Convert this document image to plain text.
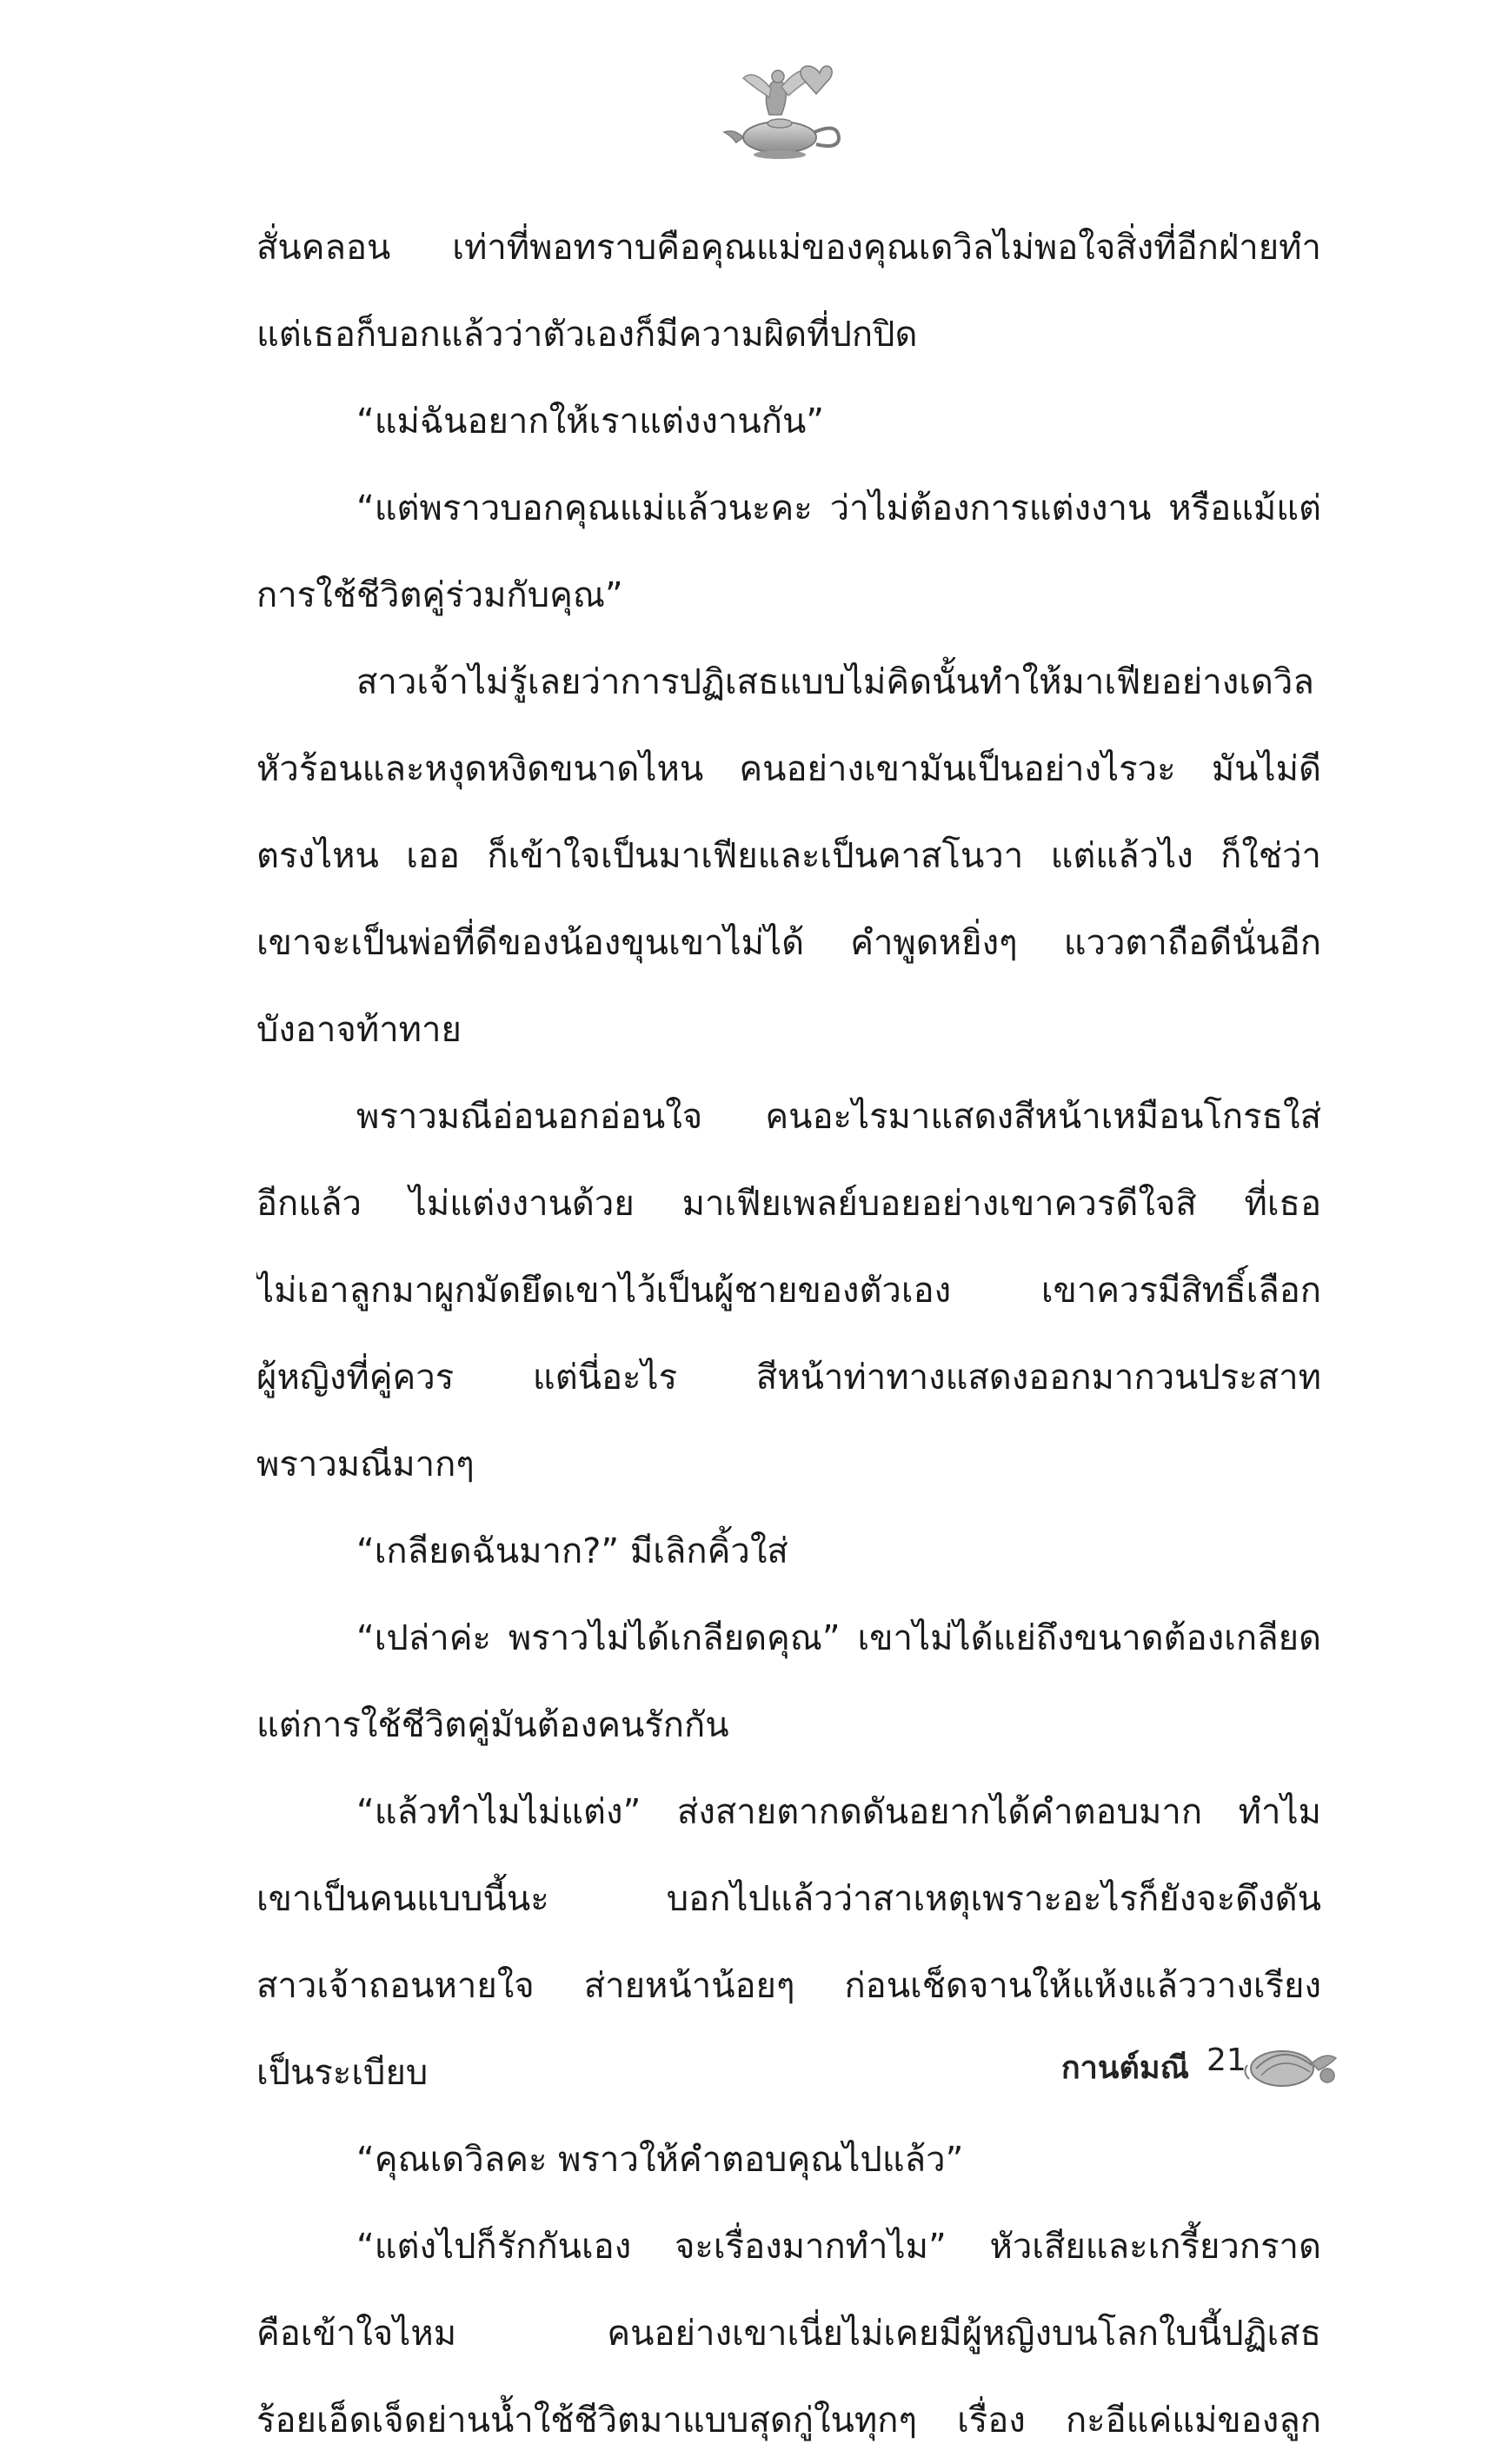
สั่นคลอน เท่าที่พอทราบคือคุณแม่ของคุณเดวิลไม่พอใจสิ่งที่อีกฝ่ายทำ
แต่เธอก็บอกแล้วว่าตัวเองก็มีความผิดที่ปกปิด
“แม่ฉันอยากให้เราแต่งงานกัน”
“แต่พราวบอกคุณแม่แล้วนะคะ ว่าไม่ต้องการแต่งงาน หรือแม้แต่
การใช้ชีวิตคู่ร่วมกับคุณ”
สาวเจ้าไม่รู้เลยว่าการปฏิเสธแบบไม่คิดนั้นทำให้มาเฟียอย่างเดวิล
หัวร้อนและหงุดหงิดขนาดไหน คนอย่างเขามันเป็นอย่างไรวะ มันไม่ดี
ตรงไหน เออ ก็เข้าใจเป็นมาเฟียและเป็นคาสโนวา แต่แล้วไง ก็ใช่ว่า
เขาจะเป็นพ่อที่ดีของน้องขุนเขาไม่ได้ คำพูดหยิ่งๆ แววตาถือดีนั่นอีก
บังอาจท้าทาย
พราวมณีอ่อนอกอ่อนใจ คนอะไรมาแสดงสีหน้าเหมือนโกรธใส่
อีกแล้ว ไม่แต่งงานด้วย มาเฟียเพลย์บอยอย่างเขาควรดีใจสิ ที่เธอ
ไม่เอาลูกมาผูกมัดยึดเขาไว้เป็นผู้ชายของตัวเอง เขาควรมีสิทธิ์เลือก
ผู้หญิงที่คู่ควร แต่นี่อะไร สีหน้าท่าทางแสดงออกมากวนประสาท
พราวมณีมากๆ
“เกลียดฉันมาก?” มีเลิกคิ้วใส่
“เปล่าค่ะ พราวไม่ได้เกลียดคุณ” เขาไม่ได้แย่ถึงขนาดต้องเกลียด
แต่การใช้ชีวิตคู่มันต้องคนรักกัน
“แล้วทำไมไม่แต่ง” ส่งสายตากดดันอยากได้คำตอบมาก ทำไม
เขาเป็นคนแบบนี้นะ บอกไปแล้วว่าสาเหตุเพราะอะไรก็ยังจะดึงดัน
สาวเจ้าถอนหายใจ ส่ายหน้าน้อยๆ ก่อนเช็ดจานให้แห้งแล้ววางเรียง
เป็นระเบียบ
“คุณเดวิลคะ พราวให้คำตอบคุณไปแล้ว”
“แต่งไปก็รักกันเอง จะเรื่องมากทำไม” หัวเสียและเกรี้ยวกราด
คือเข้าใจไหม คนอย่างเขาเนี่ยไม่เคยมีผู้หญิงบนโลกใบนี้ปฏิเสธ
ร้อยเอ็ดเจ็ดย่านน้ำใช้ชีวิตมาแบบสุดกู่ในทุกๆ เรื่อง กะอีแค่แม่ของลูก
กานต์มณี 21
